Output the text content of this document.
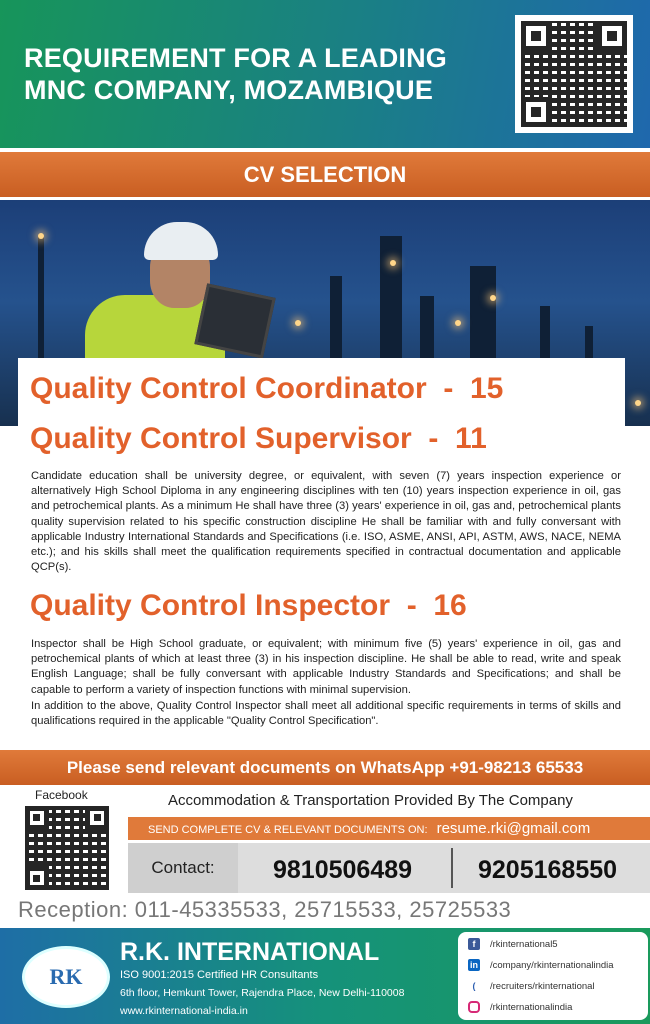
REQUIREMENT FOR A LEADING
MNC COMPANY, MOZAMBIQUE
CV SELECTION
Quality Control Coordinator  -  15
Quality Control Supervisor  -  11

Candidate education shall be university degree, or equivalent, with seven (7) years inspection experience or alternatively High School Diploma in any engineering disciplines with ten (10) years inspection experience in oil, gas and petrochemical plants. As a minimum He shall have three (3) years' experience in oil, gas and, petrochemical plants quality supervision related to his specific construction discipline He shall be familiar with and fully conversant with applicable Industry International Standards and Specifications (i.e. ISO, ASME, ANSI, API, ASTM, AWS, NACE, NEMA etc.); and his skills shall meet the qualification requirements specified in contractual documentation and applicable QCP(s).

Quality Control Inspector  -  16

Inspector shall be High School graduate, or equivalent; with minimum five (5) years' experience in oil, gas and petrochemical plants of which at least three (3) in his inspection discipline. He shall be able to read, write and speak English Language; shall be fully conversant with applicable Industry Standards and Specifications; and shall be capable to perform a variety of inspection functions with minimal supervision.

In addition to the above, Quality Control Inspector shall meet all additional specific requirements in terms of skills and qualifications required in the applicable "Quality Control Specification".

Please send relevant documents on WhatsApp +91-98213 65533
Facebook	Accommodation & Transportation Provided By The Company
SEND COMPLETE CV & RELEVANT DOCUMENTS ON: resume.rki@gmail.com
Contact:	9810506489	9205168550
Reception: 011-45335533, 25715533, 25725533
RK
R.K. INTERNATIONAL
ISO 9001:2015 Certified HR Consultants
6th floor, Hemkunt Tower, Rajendra Place, New Delhi-110008
www.rkinternational-india.in
f	/rkinternational5
in /company/rkinternationalindia
(	/recruiters/rkinternational
/rkinternationalindia
